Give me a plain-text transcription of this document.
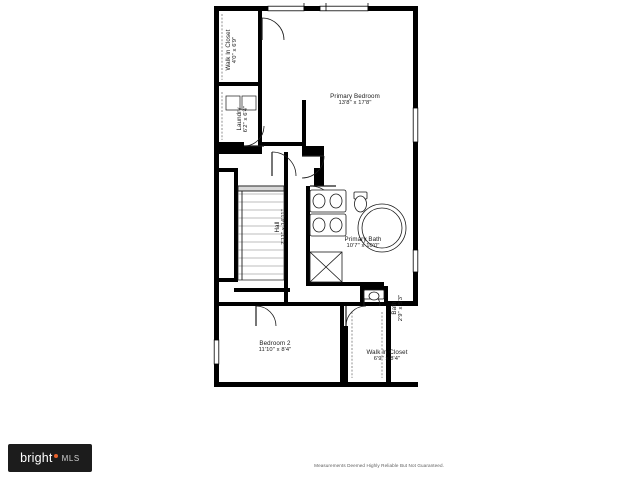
Walk In Closet 4'0" x 6'9"
Laundry 6'2" x 6'4"
Primary Bedroom
13'8" x 17'8"
Hall 7'11" x 14'11"	Primary Bath
10'7" x 10'0"
Bath 2'9" x 5'3"
Bedroom 2
11'10" x 8'4"	Walk In Closet
6'9" x 8'4"
bright MLS
Measurements Deemed Highly Reliable But Not Guaranteed.
